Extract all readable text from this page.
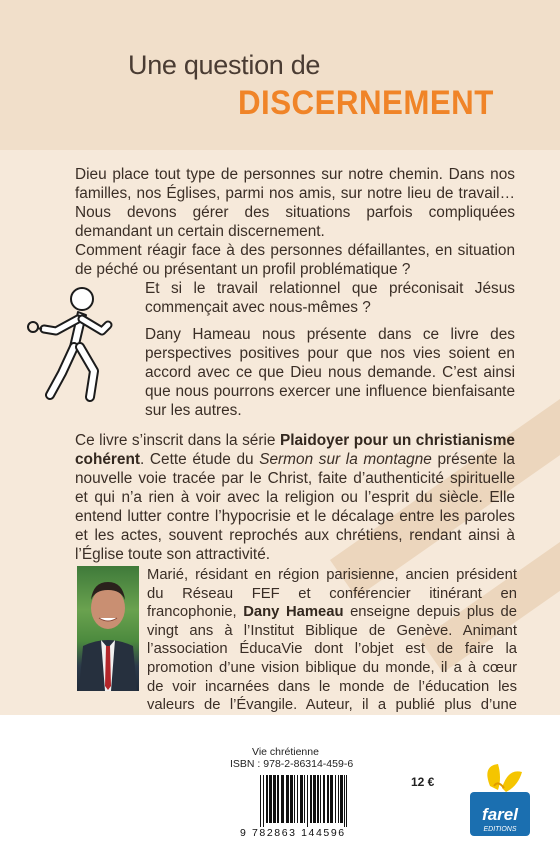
Une question de
DISCERNEMENT

Dieu place tout type de personnes sur notre chemin. Dans nos familles, nos Églises, parmi nos amis, sur notre lieu de travail… Nous devons gérer des situations parfois compliquées demandant un certain discernement.

Comment réagir face à des personnes défaillantes, en situation de péché ou présentant un profil problématique ?

Et si le travail relationnel que préconisait Jésus commençait avec nous-mêmes ?

Dany Hameau nous présente dans ce livre des perspectives positives pour que nos vies soient en accord avec ce que Dieu nous demande. C’est ainsi que nous pourrons exercer une influence bienfaisante sur les autres.

Ce livre s’inscrit dans la série Plaidoyer pour un christianisme cohérent. Cette étude du Sermon sur la montagne présente la nouvelle voie tracée par le Christ, faite d’authenticité spirituelle et qui n’a rien à voir avec la religion ou l’esprit du siècle. Elle entend lutter contre l’hypocrisie et le décalage entre les paroles et les actes, souvent reprochés aux chrétiens, rendant ainsi à l’Église toute son attractivité.

Marié, résidant en région parisienne, ancien président du Réseau FEF et conférencier itinérant en francophonie, Dany Hameau enseigne depuis plus de vingt ans à l’Institut Biblique de Genève. Animant l’association ÉducaVie dont l’objet est de faire la promotion d’une vision biblique du monde, il a à cœur de voir incarnées dans le monde de l’éducation les valeurs de l’Évangile. Auteur, il a publié plus d’une

Vie chrétienne
ISBN : 978-2-86314-459-6
12 €
9 782863 144596
farel
EDITIONS
